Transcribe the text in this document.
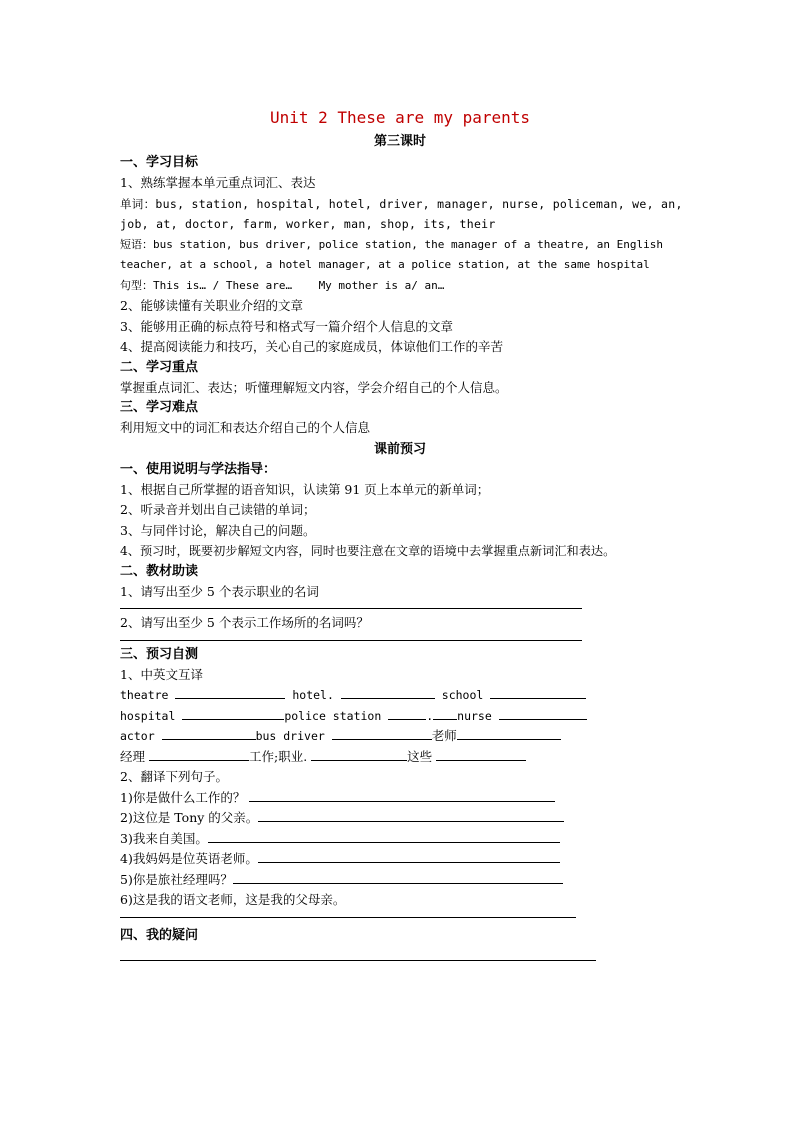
Unit 2 These are my parents
第三课时
一、学习目标
1、熟练掌握本单元重点词汇、表达
单词：bus, station, hospital, hotel, driver, manager, nurse, policeman, we, an,
job, at, doctor, farm, worker, man, shop, its, their
短语：bus station, bus driver, police station, the manager of a theatre, an English
teacher, at a school, a hotel manager, at a police station, at the same hospital
句型：This is… / These are…    My mother is a/ an…
2、能够读懂有关职业介绍的文章
3、能够用正确的标点符号和格式写一篇介绍个人信息的文章
4、提高阅读能力和技巧，关心自己的家庭成员，体谅他们工作的辛苦
二、学习重点
掌握重点词汇、表达；听懂理解短文内容，学会介绍自己的个人信息。
三、学习难点
利用短文中的词汇和表达介绍自己的个人信息
课前预习
一、使用说明与学法指导：
1、根据自己所掌握的语音知识，认读第 91 页上本单元的新单词；
2、听录音并划出自己读错的单词；
3、与同伴讨论，解决自己的问题。
4、预习时，既要初步解短文内容，同时也要注意在文章的语境中去掌握重点新词汇和表达。
二、教材助读
1、请写出至少 5 个表示职业的名词
2、请写出至少 5 个表示工作场所的名词吗？
三、预习自测
1、中英文互译
theatre	hotel.	school
hospital	police station	. nurse
actor	bus driver	老师
经理	工作;职业.	这些
2、翻译下列句子。
1)你是做什么工作的？
2)这位是 Tony 的父亲。
3)我来自美国。
4)我妈妈是位英语老师。
5)你是旅社经理吗？
6)这是我的语文老师，这是我的父母亲。
四、我的疑问
